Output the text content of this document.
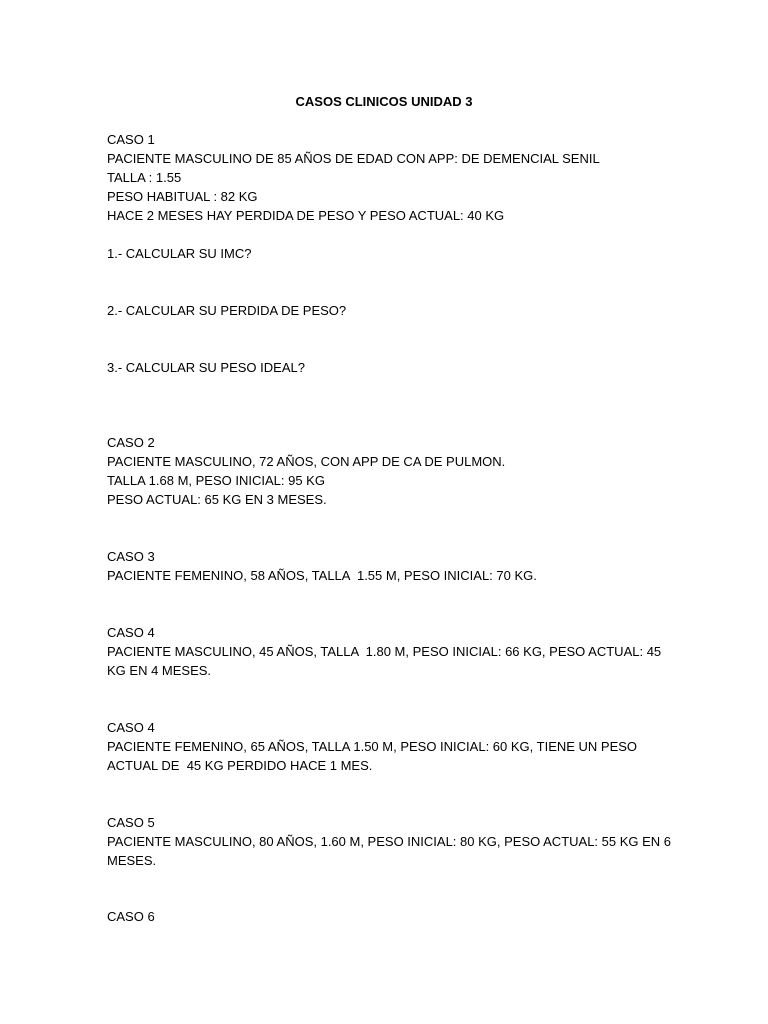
CASOS CLINICOS UNIDAD 3

CASO 1

PACIENTE MASCULINO DE 85 AÑOS DE EDAD CON APP: DE DEMENCIAL SENIL

TALLA : 1.55

PESO HABITUAL : 82 KG

HACE 2 MESES HAY PERDIDA DE PESO Y PESO ACTUAL: 40 KG

1.- CALCULAR SU IMC?

2.- CALCULAR SU PERDIDA DE PESO?

3.- CALCULAR SU PESO IDEAL?

CASO 2

PACIENTE MASCULINO, 72 AÑOS, CON APP DE CA DE PULMON.

TALLA 1.68 M, PESO INICIAL: 95 KG

PESO ACTUAL: 65 KG EN 3 MESES.

CASO 3

PACIENTE FEMENINO, 58 AÑOS, TALLA  1.55 M, PESO INICIAL: 70 KG.

CASO 4

PACIENTE MASCULINO, 45 AÑOS, TALLA  1.80 M, PESO INICIAL: 66 KG, PESO ACTUAL: 45

KG EN 4 MESES.

CASO 4

PACIENTE FEMENINO, 65 AÑOS, TALLA 1.50 M, PESO INICIAL: 60 KG, TIENE UN PESO

ACTUAL DE  45 KG PERDIDO HACE 1 MES.

CASO 5

PACIENTE MASCULINO, 80 AÑOS, 1.60 M, PESO INICIAL: 80 KG, PESO ACTUAL: 55 KG EN 6

MESES.

CASO 6
